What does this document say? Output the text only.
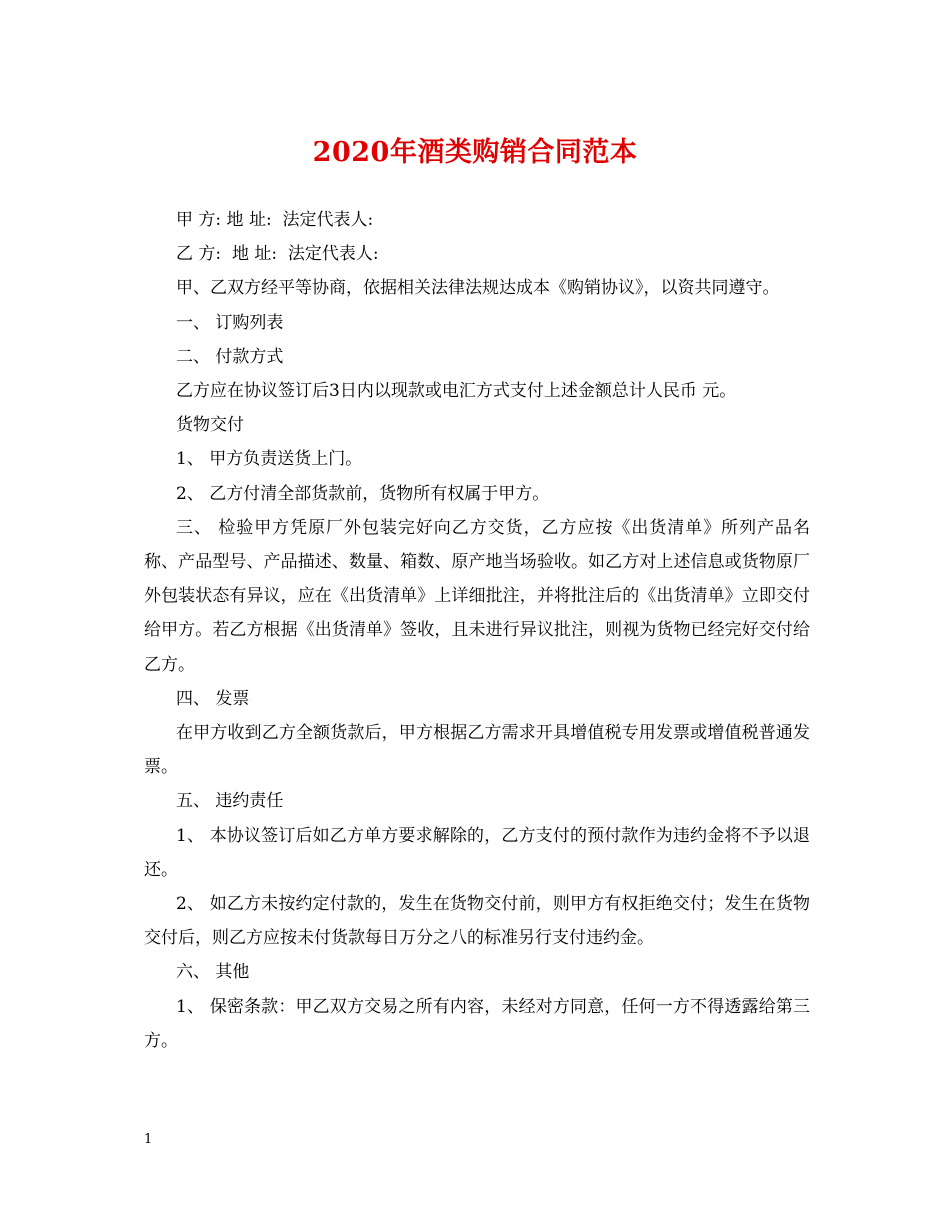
2020年酒类购销合同范本

甲 方: 地 址:  法定代表人:

乙 方:  地 址:  法定代表人:

甲、乙双方经平等协商，依据相关法律法规达成本《购销协议》，以资共同遵守。

一、 订购列表

二、 付款方式

乙方应在协议签订后3日内以现款或电汇方式支付上述金额总计人民币 元。

货物交付

1、 甲方负责送货上门。

2、 乙方付清全部货款前，货物所有权属于甲方。

三、 检验甲方凭原厂外包装完好向乙方交货，乙方应按《出货清单》所列产品名称、产品型号、产品描述、数量、箱数、原产地当场验收。如乙方对上述信息或货物原厂外包装状态有异议，应在《出货清单》上详细批注，并将批注后的《出货清单》立即交付给甲方。若乙方根据《出货清单》签收，且未进行异议批注，则视为货物已经完好交付给乙方。

四、 发票

在甲方收到乙方全额货款后，甲方根据乙方需求开具增值税专用发票或增值税普通发票。

五、 违约责任

1、 本协议签订后如乙方单方要求解除的，乙方支付的预付款作为违约金将不予以退还。

2、 如乙方未按约定付款的，发生在货物交付前，则甲方有权拒绝交付；发生在货物交付后，则乙方应按未付货款每日万分之八的标准另行支付违约金。

六、 其他

1、 保密条款：甲乙双方交易之所有内容，未经对方同意，任何一方不得透露给第三方。

1
